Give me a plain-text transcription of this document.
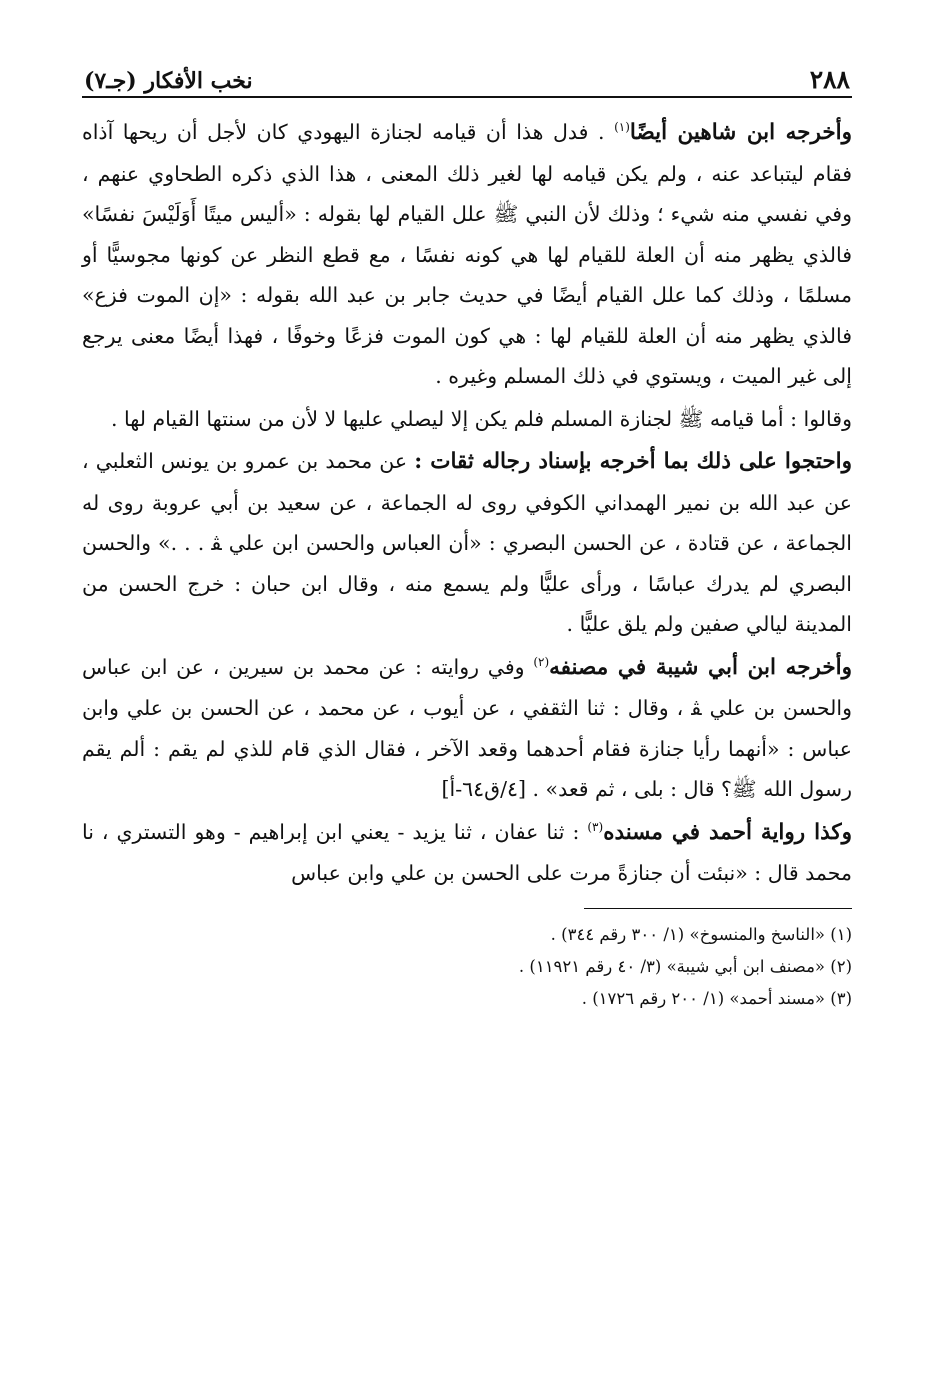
٢٨٨
نخب الأفكار (جـ٧)

وأخرجه ابن شاهين أيضًا$^{(١)}$ . فدل هذا أن قيامه لجنازة اليهودي كان لأجل أن ريحها آذاه فقام ليتباعد عنه ، ولم يكن قيامه لها لغير ذلك المعنى ، هذا الذي ذكره الطحاوي عنهم ، وفي نفسي منه شيء ؛ وذلك لأن النبي ﷺ علل القيام لها بقوله : «أليس ميتًا أَوَلَيْسَ نفسًا» فالذي يظهر منه أن العلة للقيام لها هي كونه نفسًا ، مع قطع النظر عن كونها مجوسيًّا أو مسلمًا ، وذلك كما علل القيام أيضًا في حديث جابر بن عبد الله بقوله : «إن الموت فزع» فالذي يظهر منه أن العلة للقيام لها : هي كون الموت فزعًا وخوفًا ، فهذا أيضًا معنى يرجع إلى غير الميت ، ويستوي في ذلك المسلم وغيره .

وقالوا : أما قيامه ﷺ لجنازة المسلم فلم يكن إلا ليصلي عليها لا لأن من سنتها القيام لها .

واحتجوا على ذلك بما أخرجه بإسناد رجاله ثقات : عن محمد بن عمرو بن يونس الثعلبي ، عن عبد الله بن نمير الهمداني الكوفي روى له الجماعة ، عن سعيد بن أبي عروبة روى له الجماعة ، عن قتادة ، عن الحسن البصري : «أن العباس والحسن ابن علي ﭭ . . .» والحسن البصري لم يدرك عباسًا ، ورأى عليًّا ولم يسمع منه ، وقال ابن حبان : خرج الحسن من المدينة ليالي صفين ولم يلق عليًّا .

وأخرجه ابن أبي شيبة في مصنفه$^{(٢)}$ وفي روايته : عن محمد بن سيرين ، عن ابن عباس والحسن بن علي ﭭ ، وقال : ثنا الثقفي ، عن أيوب ، عن محمد ، عن الحسن بن علي وابن عباس : «أنهما رأيا جنازة فقام أحدهما وقعد الآخر ، فقال الذي قام للذي لم يقم : ألم يقم رسول الله ﷺ؟ قال : بلى ، ثم قعد» . [٤/ق٦٤-أ]

وكذا رواية أحمد في مسنده$^{(٣)}$ : ثنا عفان ، ثنا يزيد - يعني ابن إبراهيم - وهو التستري ، نا محمد قال : «نبئت أن جنازةً مرت على الحسن بن علي وابن عباس

(١) «الناسخ والمنسوخ» (١/ ٣٠٠ رقم ٣٤٤) .

(٢) «مصنف ابن أبي شيبة» (٣/ ٤٠ رقم ١١٩٢١) .

(٣) «مسند أحمد» (١/ ٢٠٠ رقم ١٧٢٦) .
